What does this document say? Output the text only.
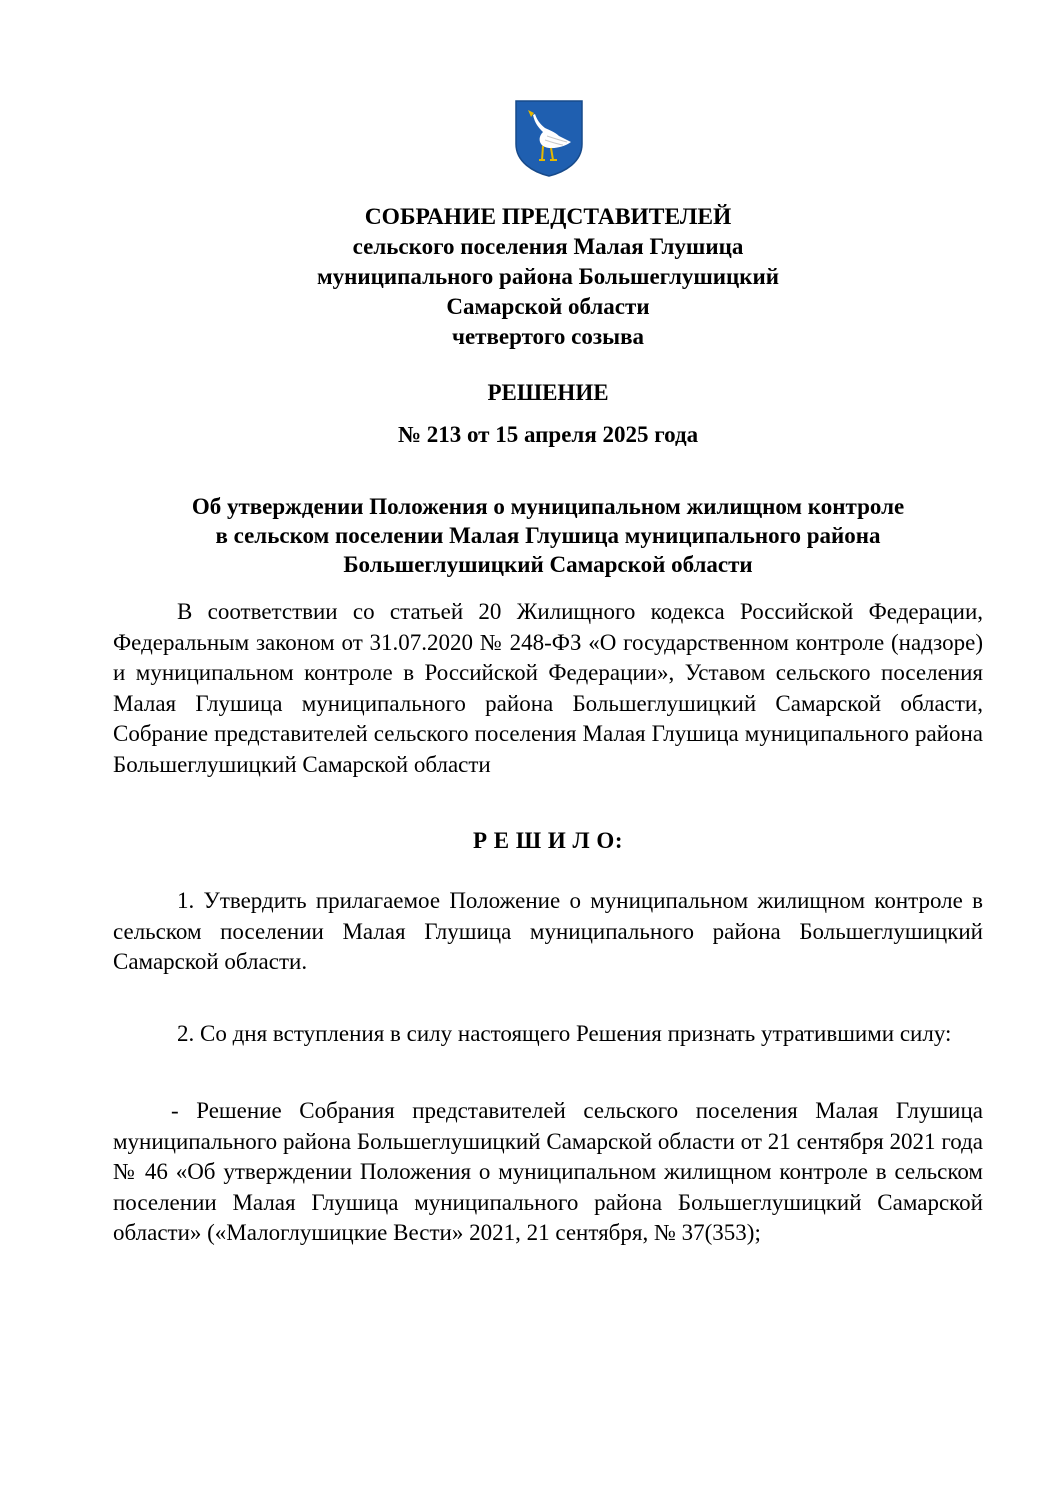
СОБРАНИЕ ПРЕДСТАВИТЕЛЕЙ
сельского поселения Малая Глушица
муниципального района Большеглушицкий
Самарской области
четвертого созыва
РЕШЕНИЕ
№ 213 от 15 апреля 2025 года
Об утверждении Положения о муниципальном жилищном контроле
в сельском поселении Малая Глушица муниципального района
Большеглушицкий Самарской области

В соответствии со статьей 20 Жилищного кодекса Российской Федерации, Федеральным законом от 31.07.2020 № 248-ФЗ «О государственном контроле (надзоре) и муниципальном контроле в Российской Федерации», Уставом сельского поселения Малая Глушица муниципального района Большеглушицкий Самарской области, Собрание представителей сельского поселения Малая Глушица муниципального района Большеглушицкий Самарской области

Р Е Ш И Л О:

1. Утвердить прилагаемое Положение о муниципальном жилищном контроле в сельском поселении Малая Глушица муниципального района Большеглушицкий Самарской области.

2. Со дня вступления в силу настоящего Решения признать утратившими силу:

- Решение Собрания представителей сельского поселения Малая Глушица муниципального района Большеглушицкий Самарской области от 21 сентября 2021 года № 46 «Об утверждении Положения о муниципальном жилищном контроле в сельском поселении Малая Глушица муниципального района Большеглушицкий Самарской области» («Малоглушицкие Вести» 2021, 21 сентября, № 37(353);
